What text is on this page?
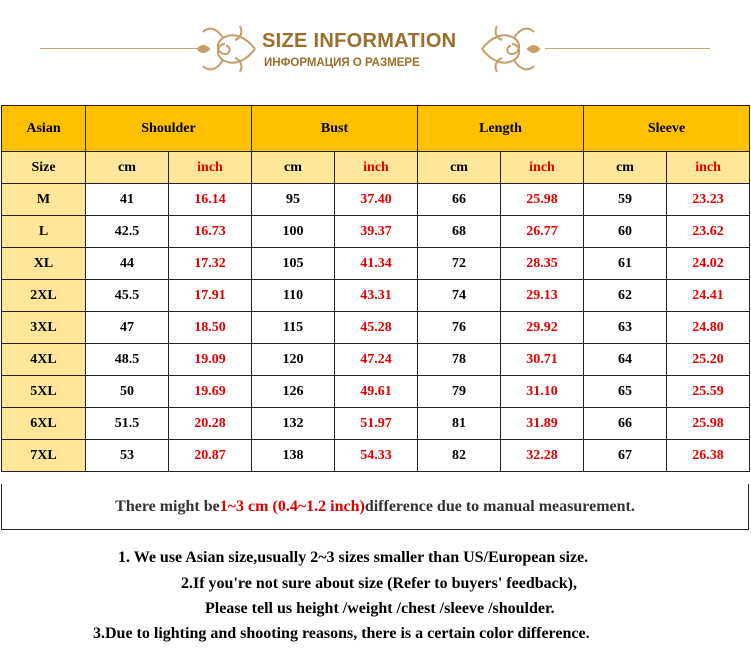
SIZE INFORMATION
ИНФОРМАЦИЯ О РАЗМЕРЕ
Asian	Shoulder		Bust		Length		Sleeve	
Size	cm	inch	cm	inch	cm	inch	cm	inch
M	41	16.14	95	37.40	66	25.98	59	23.23
L	42.5	16.73	100	39.37	68	26.77	60	23.62
XL	44	17.32	105	41.34	72	28.35	61	24.02
2XL	45.5	17.91	110	43.31	74	29.13	62	24.41
3XL	47	18.50	115	45.28	76	29.92	63	24.80
4XL	48.5	19.09	120	47.24	78	30.71	64	25.20
5XL	50	19.69	126	49.61	79	31.10	65	25.59
6XL	51.5	20.28	132	51.97	81	31.89	66	25.98
7XL	53	20.87	138	54.33	82	32.28	67	26.38
There might be 1~3 cm (0.4~1.2 inch) difference due to manual measurement.
1. We use Asian size,usually 2~3 sizes smaller than US/European size.
2.If you're not sure about size (Refer to buyers' feedback),
Please tell us height /weight /chest /sleeve /shoulder.
3.Due to lighting and shooting reasons, there is a certain color difference.
